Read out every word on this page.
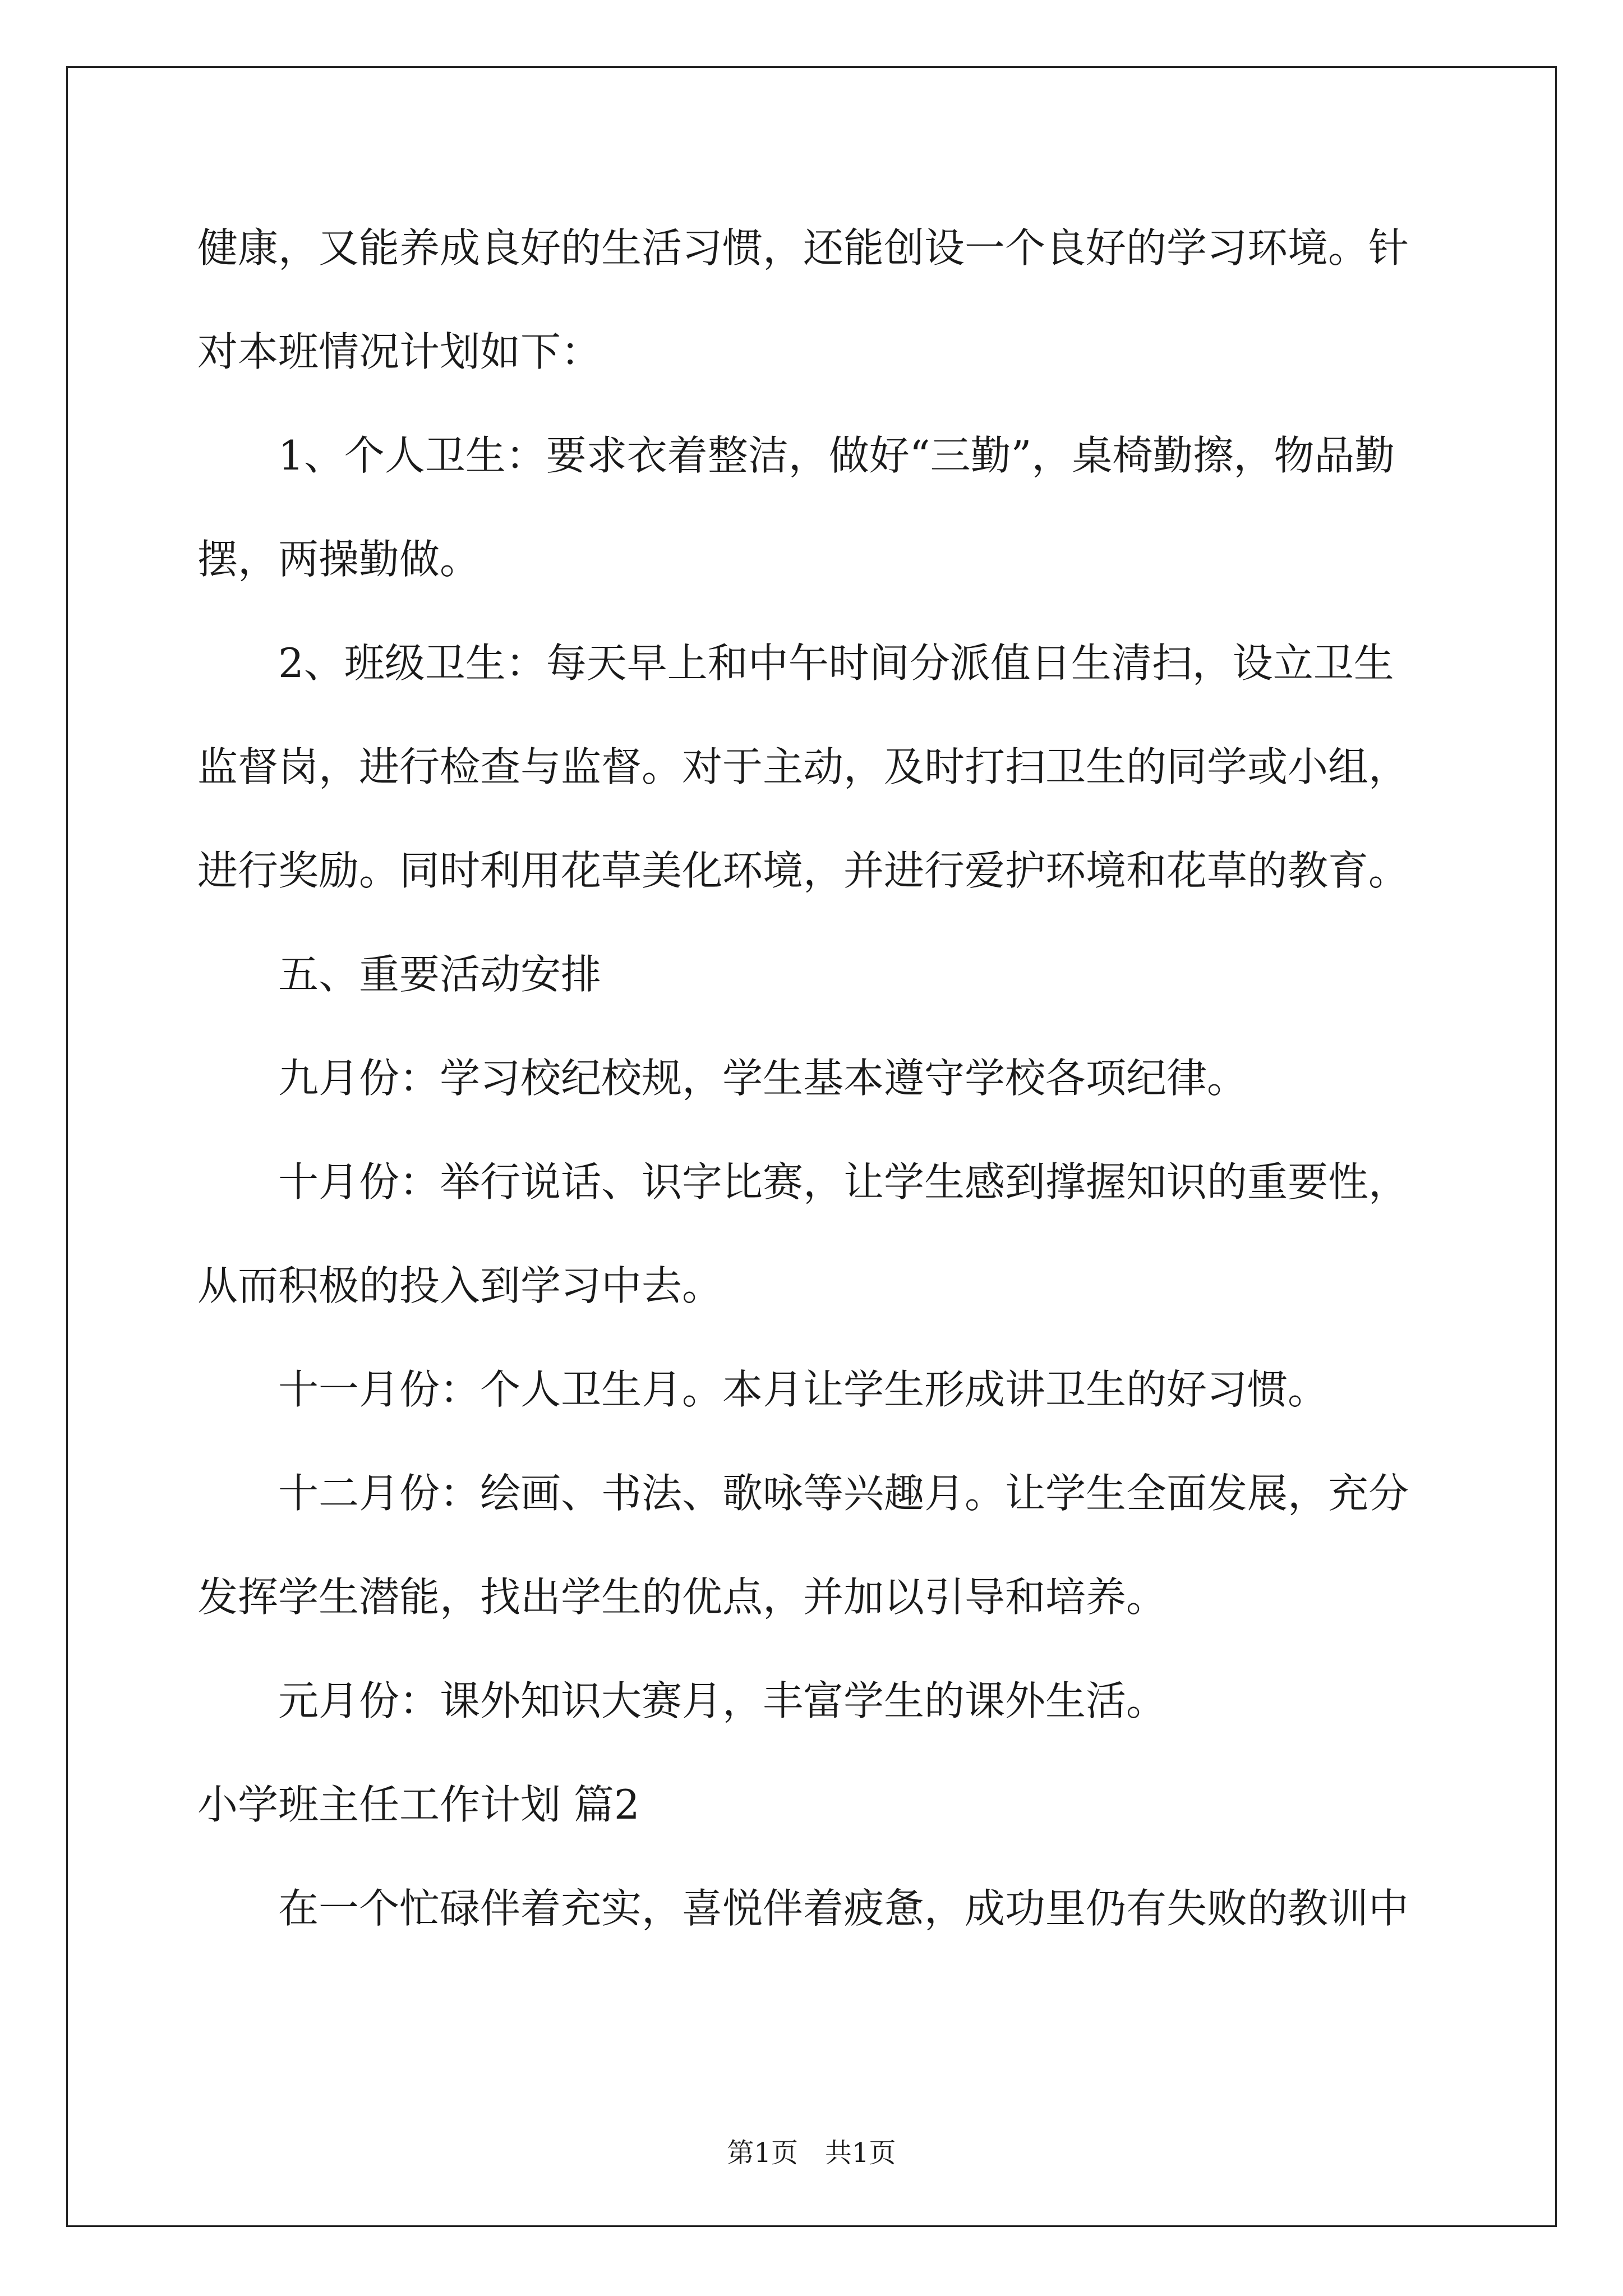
健康，又能养成良好的生活习惯，还能创设一个良好的学习环境。针对本班情况计划如下：

1、个人卫生：要求衣着整洁，做好“三勤”，桌椅勤擦，物品勤摆，两操勤做。

2、班级卫生：每天早上和中午时间分派值日生清扫，设立卫生监督岗，进行检查与监督。对于主动，及时打扫卫生的同学或小组，进行奖励。同时利用花草美化环境，并进行爱护环境和花草的教育。

五、重要活动安排

九月份：学习校纪校规，学生基本遵守学校各项纪律。

十月份：举行说话、识字比赛，让学生感到撑握知识的重要性，从而积极的投入到学习中去。

十一月份：个人卫生月。本月让学生形成讲卫生的好习惯。

十二月份：绘画、书法、歌咏等兴趣月。让学生全面发展，充分发挥学生潜能，找出学生的优点，并加以引导和培养。

元月份：课外知识大赛月，丰富学生的课外生活。

小学班主任工作计划 篇2

在一个忙碌伴着充实，喜悦伴着疲惫，成功里仍有失败的教训中

第1页　共1页
